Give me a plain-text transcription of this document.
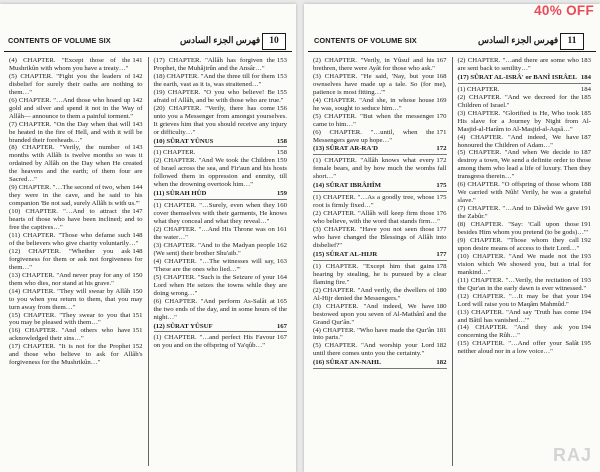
CONTENTS OF VOLUME SIX	فهرس الجزء السادس 10
141
(4) CHAPTER. "Except those of the Mushrikûn with whom you have a treaty…"
142
(5) CHAPTER. "Fight you the leaders of disbelief for surely their oaths are nothing to them…"
142
(6) CHAPTER. "…And those who hoard up gold and silver and spend it not in the Way of Allâh— announce to them a painful torment."
143
(7) CHAPTER. "On the Day when that will be heated in the fire of Hell, and with it will be branded their foreheads…"
143
(8) CHAPTER. "Verily, the number of months with Allâh is twelve months so was it ordained by Allâh on the Day when He created the heavens and the earth; of them four are Sacred…"
144
(9) CHAPTER. "…The second of two, when they were in the cave, and he said to his companion 'Be not sad, surely Allâh is with us.'"
147
(10) CHAPTER. "…And to attract the hearts of those who have been inclined; and to free the captives…"
148
(11) CHAPTER. "Those who defame such of the believers who give charity voluntarily…"
148
(12) CHAPTER. "Whether you ask forgiveness for them or ask not forgiveness for them…"
150
(13) CHAPTER. "And never pray for any of them who dies, nor stand at his grave."
150
(14) CHAPTER. "They will swear by Allâh to you when you return to them, that you may turn away from them…"
151
(15) CHAPTER. "They swear to you that you may be pleased with them…"
151
(16) CHAPTER. "And others who have acknowledged their sins…"
152
(17) CHAPTER. "It is not for the Prophet and those who believe to ask for Allâh's forgiveness for the Mushrikûn…"
153
(17) CHAPTER. "Allâh has forgiven the Prophet, the Muhâjirûn and the Ansâr…"
153
(18) CHAPTER. "And the three till for them the earth, vast as it is, was straitened…"
155
(19) CHAPTER. "O you who believe! Be afraid of Allâh, and be with those who are true."
156
(20) CHAPTER. "Verily, there has come unto you a Messenger from amongst yourselves. It grieves him that you should receive any injury or difficulty…"
158
(10) SÛRAT YÛNUS
158
(1) CHAPTER.
159
(2) CHAPTER. "And We took the Children of Israel across the sea, and Fir'aun and his hosts followed them in oppression and enmity, till when the drowning overtook him…"
159
(11) SÛRAH HÛD
160
(1) CHAPTER. "…Surely, even when they cover themselves with their garments, He knows what they conceal and what they reveal…"
161
(2) CHAPTER. "…And His Throne was on the water…"
162
(3) CHAPTER. "And to the Madyan people (We sent) their brother Shu'aib."
163
(4) CHAPTER. "…The witnesses will say, 'These are the ones who lied…'"
164
(5) CHAPTER. "Such is the Seizure of your Lord when He seizes the towns while they are doing wrong…"
165
(6) CHAPTER. "And perform As-Salât at the two ends of the day, and in some hours of the night…"
167
(12) SÛRAT YÛSUF
167
(1) CHAPTER. "…and perfect His Favour on you and on the offspring of Ya'qûb…"
CONTENTS OF VOLUME SIX	فهرس الجزء السادس 11
167
(2) CHAPTER. "Verily, in Yûsuf and his brethren, there were Ayât for those who ask."
168
(3) CHAPTER. "He said, 'Nay, but your ownselves have made up a tale. So (for me), patience is most fitting…'"
169
(4) CHAPTER. "And she, in whose house he was, sought to seduce him…"
170
(5) CHAPTER. "But when the messenger came to him…"
171
(6) CHAPTER. "…until, when the Messengers gave up hope…"
172
(13) SÛRAT AR-RA'D
172
(1) CHAPTER. "Allâh knows what every female bears, and by how much the wombs fall short…"
175
(14) SÛRAT IBRÂHÎM
175
(1) CHAPTER. "…As a goodly tree, whose root is firmly fixed…"
176
(2) CHAPTER. "Allâh will keep firm those who believe, with the word that stands firm…"
177
(3) CHAPTER. "Have you not seen those who have changed the Blessings of Allâh into disbelief?"
177
(15) SÛRAT AL-HIJR
178
(1) CHAPTER. "Except him that gains hearing by stealing, he is pursued by a clear flaming fire."
180
(2) CHAPTER. "And verily, the dwellers of Al-Hijr denied the Messengers."
180
(3) CHAPTER. "And indeed, We have bestowed upon you seven of Al-Mathânî and the Grand Qur'ân."
181
(4) CHAPTER. "Who have made the Qur'ân into parts."
182
(5) CHAPTER. "And worship your Lord until there comes unto you the certainty."
182
(16) SÛRAT AN-NAHL
183
(2) CHAPTER. "…and there are some who are sent back to senility…"
184
(17) SÛRAT AL-ISRÂ' or BANÎ ISRÂEL
184
(1) CHAPTER.
185
(2) CHAPTER. "And we decreed for the Children of Israel."
185
(3) CHAPTER. "Glorified is He, Who took His slave for a Journey by Night from Al-Masjid-al-Harâm to Al-Masjid-al-Aqsâ…"
187
(4) CHAPTER. "And indeed, We have honoured the Children of Adam…"
187
(5) CHAPTER. "And when We decide to destroy a town, We send a definite order to those among them who lead a life of luxury. Then they transgress therein…"
188
(6) CHAPTER. "O offspring of those whom We carried with Nûh! Verily, he was a grateful slave."
191
(7) CHAPTER. "…And to Dâwûd We gave the Zabûr."
191
(8) CHAPTER. "Say: 'Call upon those besides Him whom you pretend (to be gods)…'"
192
(9) CHAPTER. "Those whom they call upon desire means of access to their Lord…"
193
(10) CHAPTER. "And We made not the vision which We showed you, but a trial for mankind…"
193
(11) CHAPTER. "…Verily, the recitation of the Qur'an in the early dawn is ever witnessed."
194
(12) CHAPTER. "…It may be that your Lord will raise you to Maqâm Mahmûd."
194
(13) CHAPTER. "And say 'Truth has come and Bâtil has vanished…'"
194
(14) CHAPTER. "And they ask you concerning the Rûh…"
195
(15) CHAPTER. "…And offer your Salât neither aloud nor in a low voice…"
40% OFF
RAJ
